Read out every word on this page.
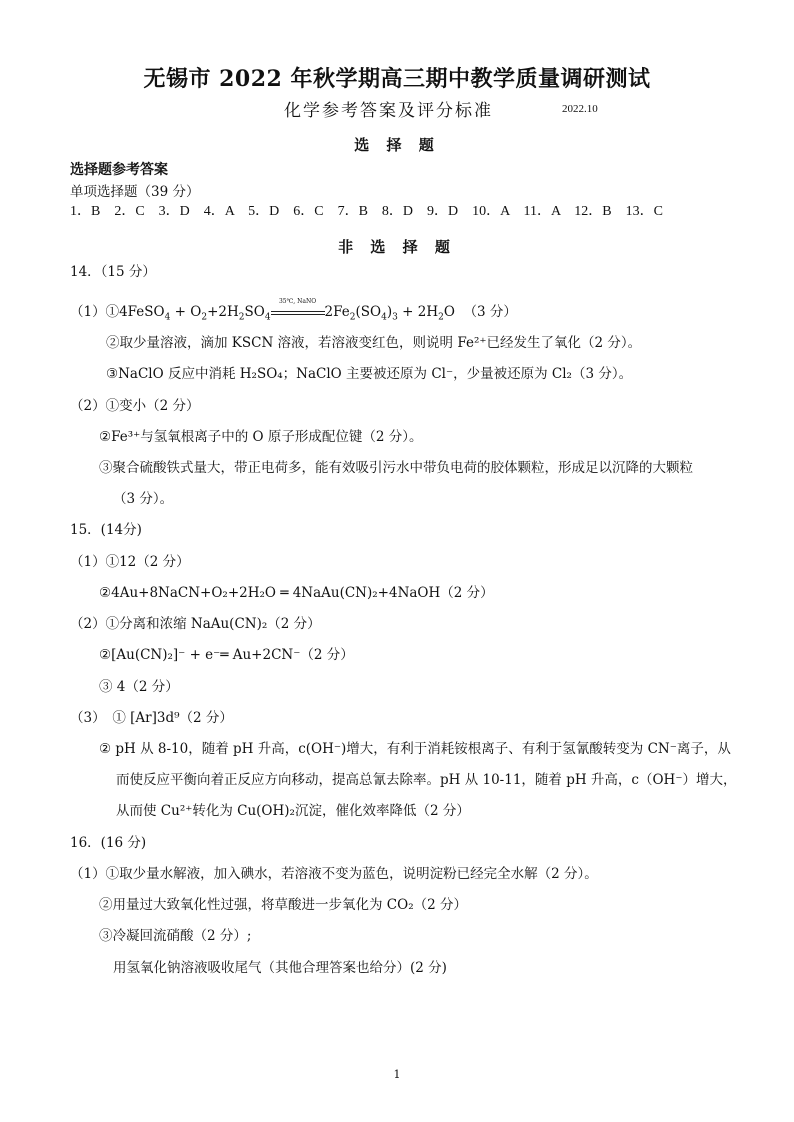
无锡市 2022 年秋学期高三期中教学质量调研测试
化学参考答案及评分标准	2022.10
选 择 题
选择题参考答案
单项选择题（39 分）
1．B　2．C　3．D　4．A　5．D　6．C　7．B　8．D　9．D　10．A　11．A　12．B　13．C
非 选 择 题
14．（15 分）
（1）①4FeSO$_4$ + $O_2+2H_2SO_4$
35℃, NaNO
$2Fe_2(SO_4)_3 + 2H_2O$  （3 分）
②取少量溶液，滴加 KSCN 溶液，若溶液变红色，则说明 Fe²⁺已经发生了氧化（2 分）。
③NaClO 反应中消耗 H₂SO₄；NaClO 主要被还原为 Cl⁻，少量被还原为 Cl₂（3 分）。
（2）①变小（2 分）
②Fe³⁺与氢氧根离子中的 O 原子形成配位键（2 分）。
③聚合硫酸铁式量大，带正电荷多，能有效吸引污水中带负电荷的胶体颗粒，形成足以沉降的大颗粒
（3 分）。
15．(14分)
（1）①12（2 分）
②4Au+8NaCN+O₂+2H₂O ═ 4NaAu(CN)₂+4NaOH（2 分）
（2）①分离和浓缩 NaAu(CN)₂（2 分）
②[Au(CN)₂]⁻ + e⁻═ Au+2CN⁻（2 分）
③ 4（2 分）
（3）　① [Ar]3d⁹（2 分）
② pH 从 8-10，随着 pH 升高，c(OH⁻)增大，有利于消耗铵根离子、有利于氢氰酸转变为 CN⁻离子，从
而使反应平衡向着正反应方向移动，提高总氰去除率。pH 从 10-11，随着 pH 升高，c（OH⁻）增大，
从而使 Cu²⁺转化为 Cu(OH)₂沉淀，催化效率降低（2 分）
16．(16 分)
（1）①取少量水解液，加入碘水，若溶液不变为蓝色，说明淀粉已经完全水解（2 分）。
②用量过大致氧化性过强，将草酸进一步氧化为 CO₂（2 分）
③冷凝回流硝酸（2 分）;
用氢氧化钠溶液吸收尾气（其他合理答案也给分）(2 分)
1
